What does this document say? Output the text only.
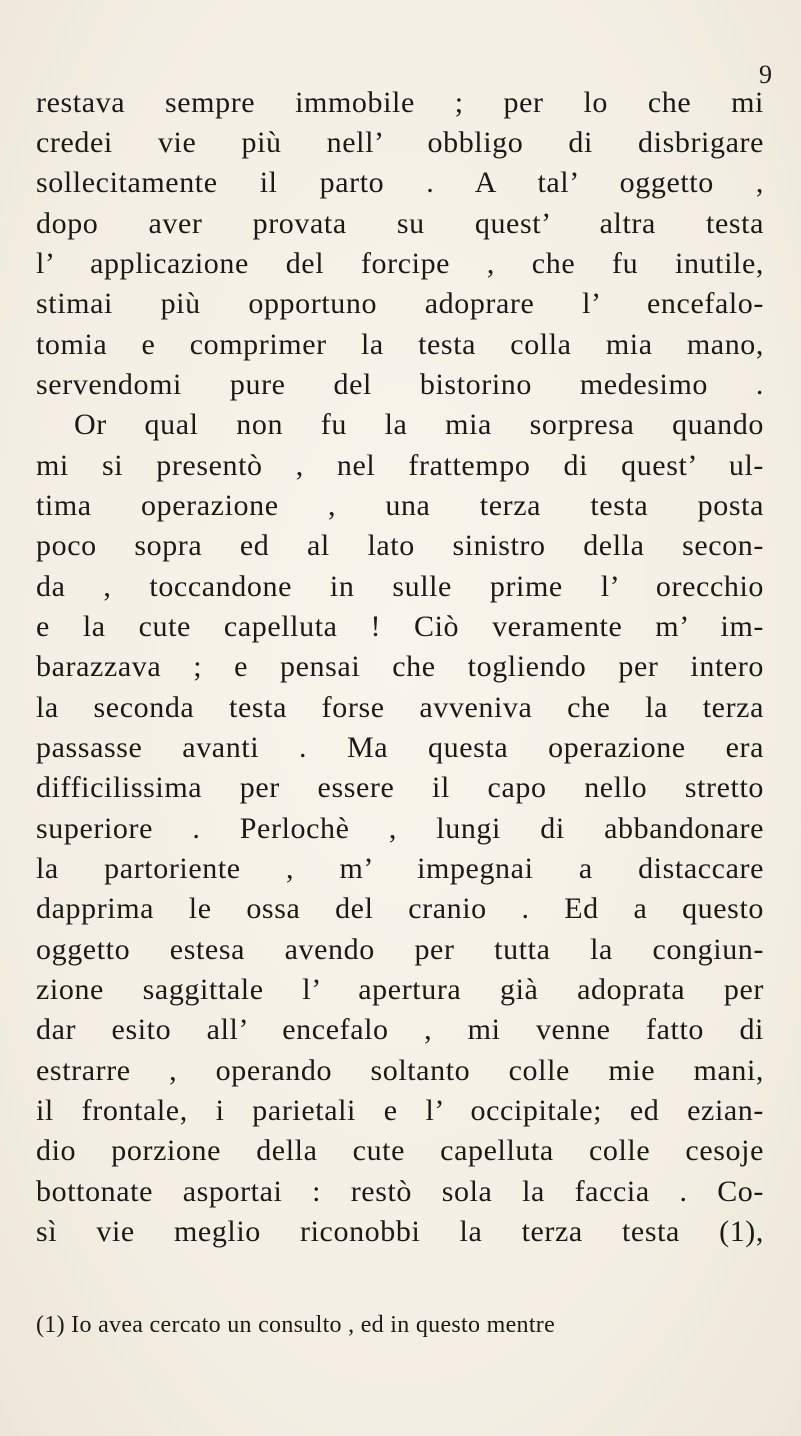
9
restava sempre immobile ; per lo che mi
credei vie più nell’ obbligo di disbrigare
sollecitamente il parto . A tal’ oggetto ,
dopo aver provata su quest’ altra testa
l’ applicazione del forcipe , che fu inutile,
stimai più opportuno adoprare l’ encefalo-
tomia e comprimer la testa colla mia mano,
servendomi pure del bistorino medesimo .
Or qual non fu la mia sorpresa quando
mi si presentò , nel frattempo di quest’ ul-
tima operazione , una terza testa posta
poco sopra ed al lato sinistro della secon-
da , toccandone in sulle prime l’ orecchio
e la cute capelluta ! Ciò veramente m’ im-
barazzava ; e pensai che togliendo per intero
la seconda testa forse avveniva che la terza
passasse avanti . Ma questa operazione era
difficilissima per essere il capo nello stretto
superiore . Perlochè , lungi di abbandonare
la partoriente , m’ impegnai a distaccare
dapprima le ossa del cranio . Ed a questo
oggetto estesa avendo per tutta la congiun-
zione saggittale l’ apertura già adoprata per
dar esito all’ encefalo , mi venne fatto di
estrarre , operando soltanto colle mie mani,
il frontale, i parietali e l’ occipitale; ed ezian-
dio porzione della cute capelluta colle cesoje
bottonate asportai : restò sola la faccia . Co-
sì vie meglio riconobbi la terza testa (1),
(1) Io avea cercato un consulto , ed in questo mentre
